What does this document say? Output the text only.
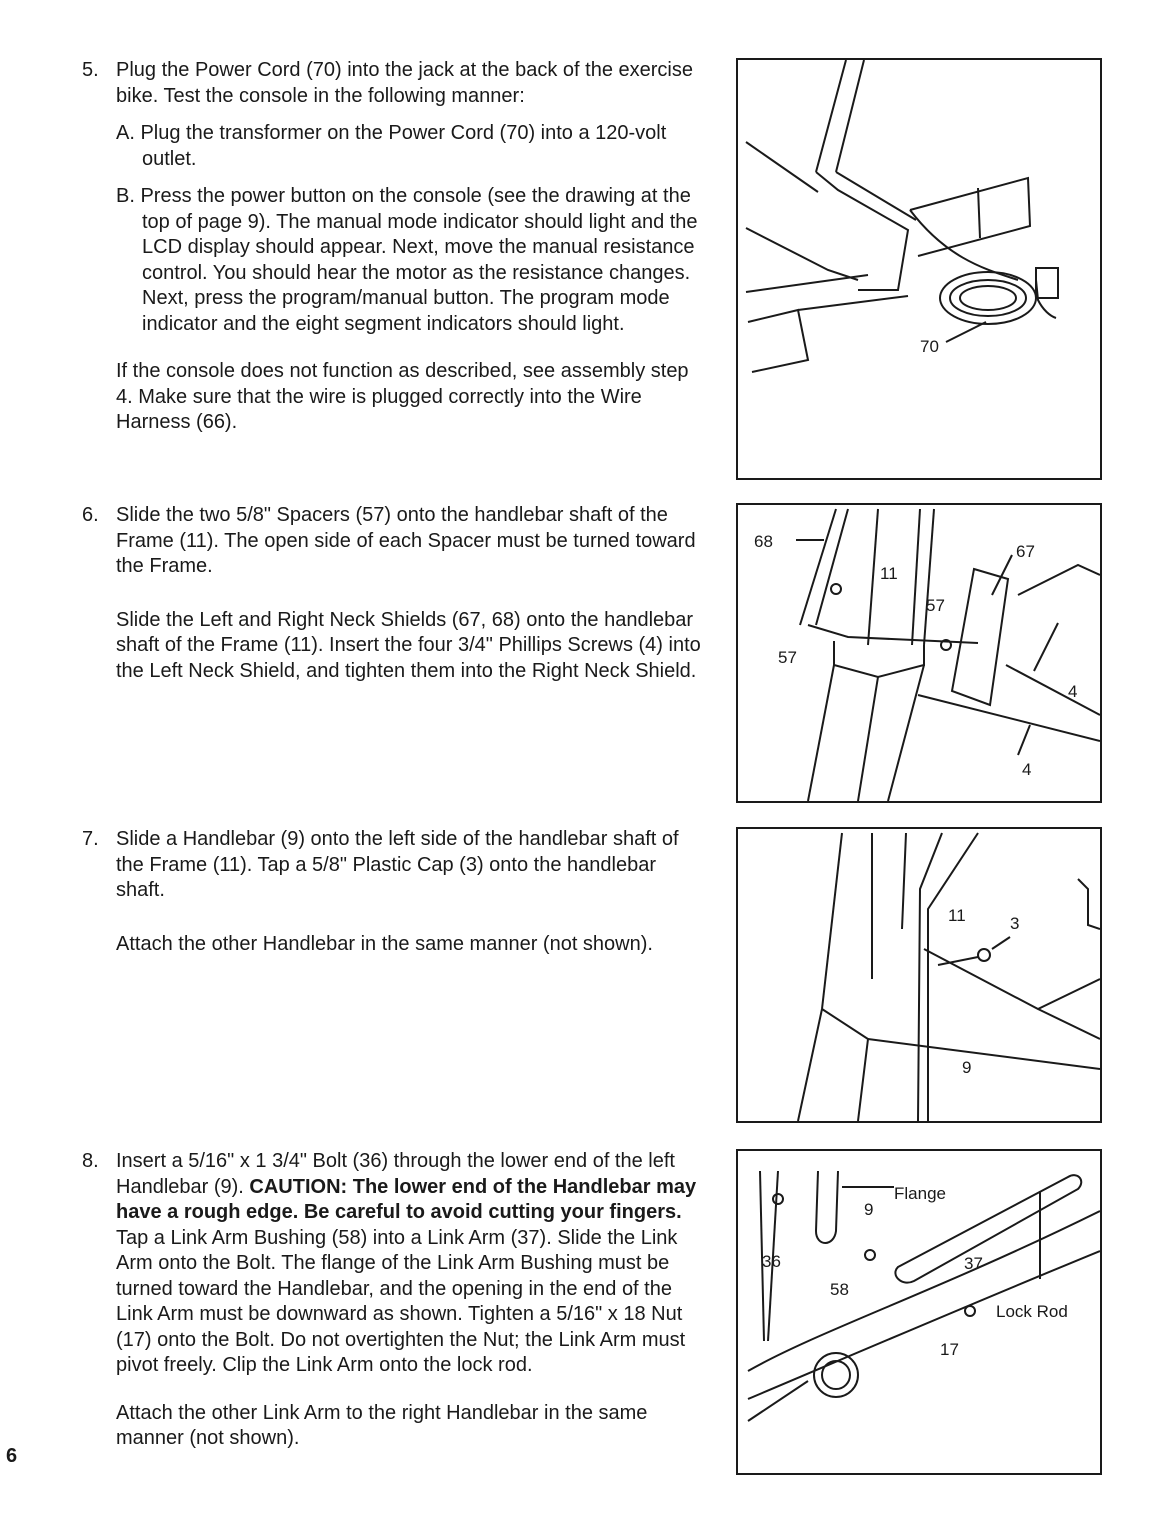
5. Plug the Power Cord (70) into the jack at the back of the exercise bike. Test the console in the following manner:
A. Plug the transformer on the Power Cord (70) into a 120-volt outlet.
B. Press the power button on the console (see the drawing at the top of page 9). The manual mode indicator should light and the LCD display should appear. Next, move the manual resistance control. You should hear the motor as the resistance changes. Next, press the program/manual button. The program mode indicator and the eight segment indicators should light.
If the console does not function as described, see assembly step 4. Make sure that the wire is plugged correctly into the Wire Harness (66).
6. Slide the two 5/8" Spacers (57) onto the handlebar shaft of the Frame (11). The open side of each Spacer must be turned toward the Frame.
Slide the Left and Right Neck Shields (67, 68) onto the handlebar shaft of the Frame (11). Insert the four 3/4" Phillips Screws (4) into the Left Neck Shield, and tighten them into the Right Neck Shield.
7. Slide a Handlebar (9) onto the left side of the handlebar shaft of the Frame (11). Tap a 5/8" Plastic Cap (3) onto the handlebar shaft.
Attach the other Handlebar in the same manner (not shown).
8. Insert a 5/16" x 1 3/4" Bolt (36) through the lower end of the left Handlebar (9). CAUTION: The lower end of the Handlebar may have a rough edge. Be careful to avoid cutting your fingers. Tap a Link Arm Bushing (58) into a Link Arm (37). Slide the Link Arm onto the Bolt. The flange of the Link Arm Bushing must be turned toward the Handlebar, and the opening in the end of the Link Arm must be downward as shown. Tighten a 5/16" x 18 Nut (17) onto the Bolt. Do not overtighten the Nut; the Link Arm must pivot freely. Clip the Link Arm onto the lock rod.
Attach the other Link Arm to the right Handlebar in the same manner (not shown).
70
68
67
11
57
57
4
4
11	3
9
Flange
9
36
58
37
Lock Rod
17
6
